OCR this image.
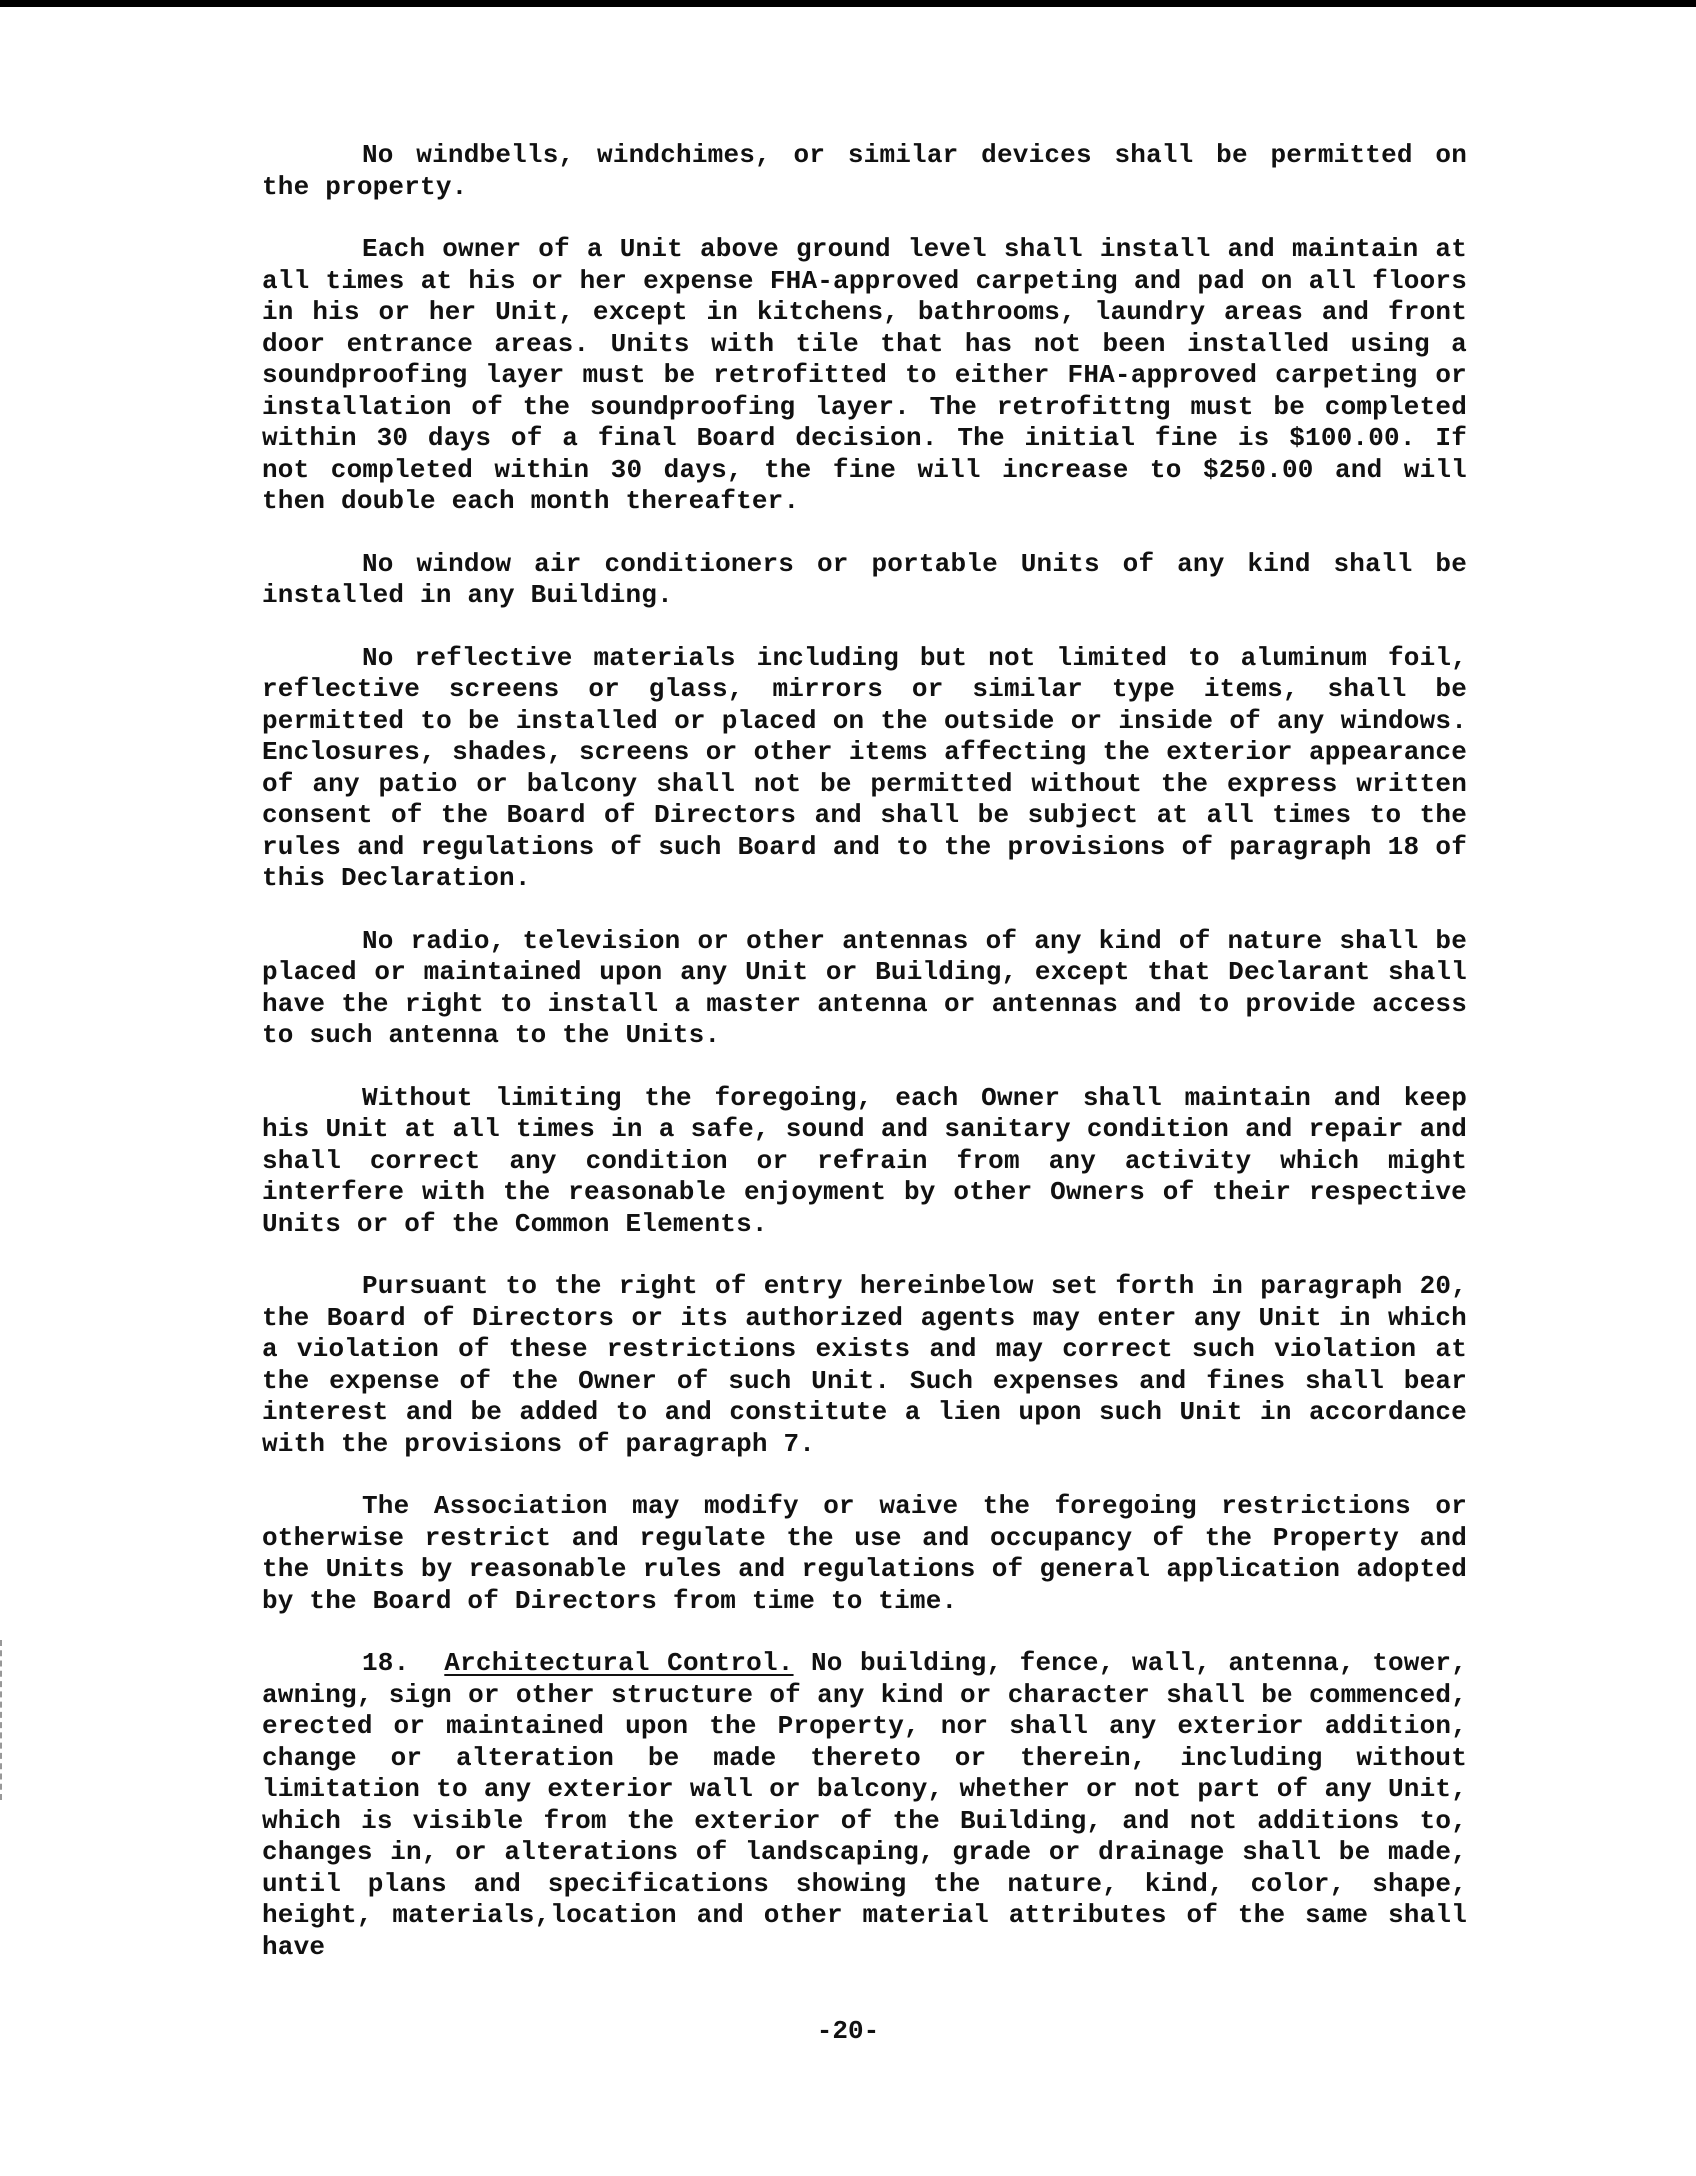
No windbells, windchimes, or similar devices shall be permitted on the property.

Each owner of a Unit above ground level shall install and maintain at all times at his or her expense FHA-approved carpeting and pad on all floors in his or her Unit, except in kitchens, bathrooms, laundry areas and front door entrance areas. Units with tile that has not been installed using a soundproofing layer must be retrofitted to either FHA-approved carpeting or installation of the soundproofing layer. The retrofittng must be completed within 30 days of a final Board decision. The initial fine is $100.00. If not completed within 30 days, the fine will increase to $250.00 and will then double each month thereafter.

No window air conditioners or portable Units of any kind shall be installed in any Building.

No reflective materials including but not limited to aluminum foil, reflective screens or glass, mirrors or similar type items, shall be permitted to be installed or placed on the outside or inside of any windows. Enclosures, shades, screens or other items affecting the exterior appearance of any patio or balcony shall not be permitted without the express written consent of the Board of Directors and shall be subject at all times to the rules and regulations of such Board and to the provisions of paragraph 18 of this Declaration.

No radio, television or other antennas of any kind of nature shall be placed or maintained upon any Unit or Building, except that Declarant shall have the right to install a master antenna or antennas and to provide access to such antenna to the Units.

Without limiting the foregoing, each Owner shall maintain and keep his Unit at all times in a safe, sound and sanitary condition and repair and shall correct any condition or refrain from any activity which might interfere with the reasonable enjoyment by other Owners of their respective Units or of the Common Elements.

Pursuant to the right of entry hereinbelow set forth in paragraph 20, the Board of Directors or its authorized agents may enter any Unit in which a violation of these restrictions exists and may correct such violation at the expense of the Owner of such Unit. Such expenses and fines shall bear interest and be added to and constitute a lien upon such Unit in accordance with the provisions of paragraph 7.

The Association may modify or waive the foregoing restrictions or otherwise restrict and regulate the use and occupancy of the Property and the Units by reasonable rules and regulations of general application adopted by the Board of Directors from time to time.

18. Architectural Control. No building, fence, wall, antenna, tower, awning, sign or other structure of any kind or character shall be commenced, erected or maintained upon the Property, nor shall any exterior addition, change or alteration be made thereto or therein, including without limitation to any exterior wall or balcony, whether or not part of any Unit, which is visible from the exterior of the Building, and not additions to, changes in, or alterations of landscaping, grade or drainage shall be made, until plans and specifications showing the nature, kind, color, shape, height, materials,location and other material attributes of the same shall have

-20-
